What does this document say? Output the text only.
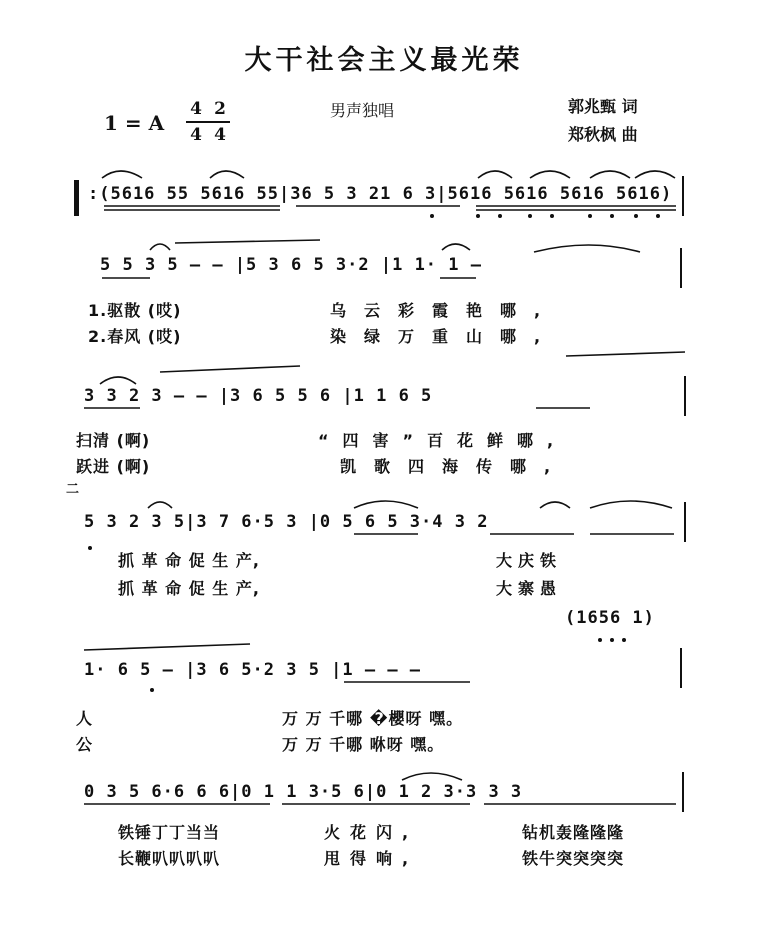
大干社会主义最光荣
1 = A
4 2
4 4
男声独唱	郭兆甄 词
郑秋枫 曲
:(5616 55 5616 55|36 5 3 21 6 3|5616 5616 5616 5616)
5 5 3 5 — — |5 3 6 5 3·2 |1 1· 1 —
1.驱散 (哎)
2.春风 (哎)
乌云彩霞艳哪,
染绿万重山哪,
3 3 2 3 — — |3 6 5 5 6 |1 1 6 5
扫清 (啊)
跃进 (啊)
“四害”百花鲜哪,
凯歌四海传哪,
二
5 3 2 3 5|3 7 6·5 3 |0 5 6 5 3·4 3 2
抓 革 命 促 生 产,
抓 革 命 促 生 产,
大庆铁
大寨愚
(1656 1)
1· 6 5 — |3 6 5·2 3 5 |1 — — —
人
公
万 万 千哪 �櫻呀 嘿。
万 万 千哪 咻呀 嘿。
0 3 5 6·6 6 6|0 1 1 3·5 6|0 1 2 3·3 3 3
铁锤丁丁当当
长鞭叭叭叭叭
火花闪,
甩得响,
钻机轰隆隆隆
铁牛突突突突
